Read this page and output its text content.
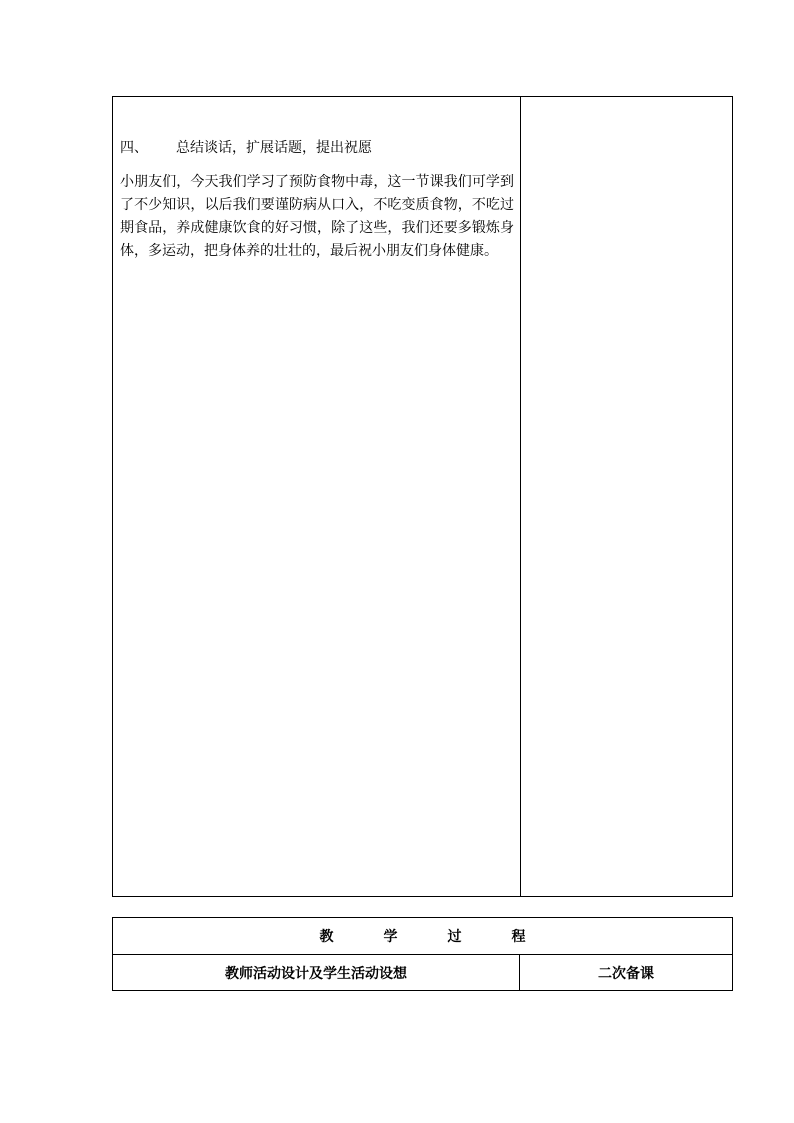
四、 总结谈话，扩展话题，提出祝愿

小朋友们，今天我们学习了预防食物中毒，这一节课我们可学到了不少知识，以后我们要谨防病从口入，不吃变质食物，不吃过期食品，养成健康饮食的好习惯，除了这些，我们还要多锻炼身体，多运动，把身体养的壮壮的，最后祝小朋友们身体健康。

教学过程
教师活动设计及学生活动设想	二次备课
